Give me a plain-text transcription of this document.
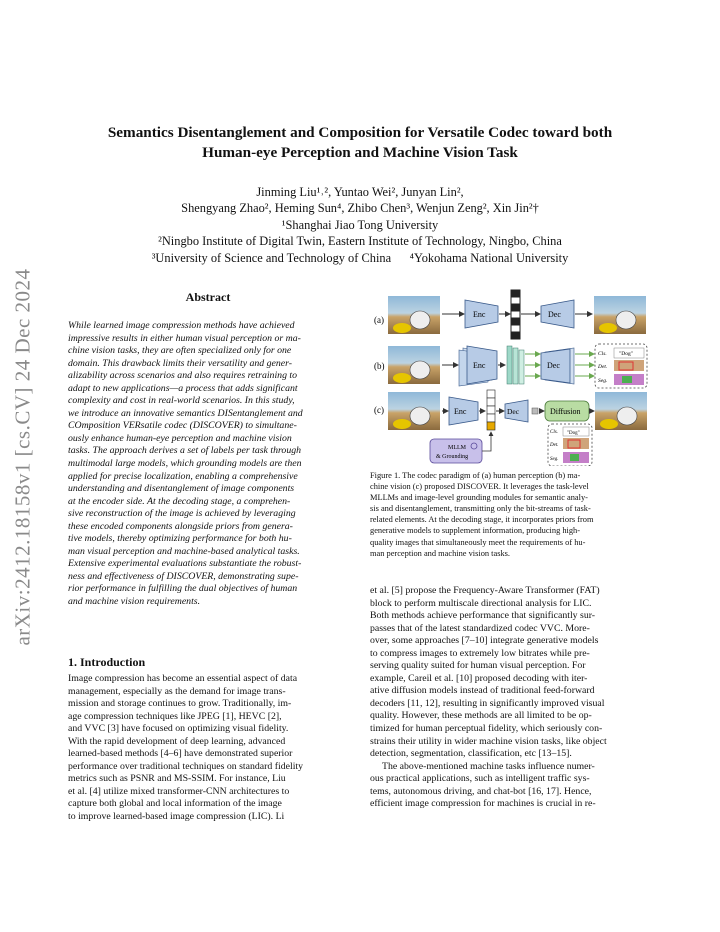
arXiv:2412.18158v1 [cs.CV] 24 Dec 2024
Semantics Disentanglement and Composition for Versatile Codec toward both
Human-eye Perception and Machine Vision Task
Jinming Liu¹˒², Yuntao Wei², Junyan Lin²,
Shengyang Zhao², Heming Sun⁴, Zhibo Chen³, Wenjun Zeng², Xin Jin²†
¹Shanghai Jiao Tong University
²Ningbo Institute of Digital Twin, Eastern Institute of Technology, Ningbo, China
³University of Science and Technology of China      ⁴Yokohama National University
Abstract

While learned image compression methods have achieved

impressive results in either human visual perception or ma-

chine vision tasks, they are often specialized only for one

domain. This drawback limits their versatility and gener-

alizability across scenarios and also requires retraining to

adapt to new applications—a process that adds significant

complexity and cost in real-world scenarios. In this study,

we introduce an innovative semantics DISentanglement and

COmposition VERsatile codec (DISCOVER) to simultane-

ously enhance human-eye perception and machine vision

tasks. The approach derives a set of labels per task through

multimodal large models, which grounding models are then

applied for precise localization, enabling a comprehensive

understanding and disentanglement of image components

at the encoder side. At the decoding stage, a comprehen-

sive reconstruction of the image is achieved by leveraging

these encoded components alongside priors from genera-

tive models, thereby optimizing performance for both hu-

man visual perception and machine-based analytical tasks.

Extensive experimental evaluations substantiate the robust-

ness and effectiveness of DISCOVER, demonstrating supe-

rior performance in fulfilling the dual objectives of human

and machine vision requirements.

1. Introduction

Image compression has become an essential aspect of data

management, especially as the demand for image trans-

mission and storage continues to grow. Traditionally, im-

age compression techniques like JPEG [1], HEVC [2],

and VVC [3] have focused on optimizing visual fidelity.

With the rapid development of deep learning, advanced

learned-based methods [4–6] have demonstrated superior

performance over traditional techniques on standard fidelity

metrics such as PSNR and MS-SSIM. For instance, Liu

et al. [4] utilize mixed transformer-CNN architectures to

capture both global and local information of the image

to improve learned-based image compression (LIC). Li

(a)
Enc	Dec
(b)	Enc	Dec
Cls. "Dog"
Det.
Seg.
(c)	Enc	Dec	Diffusion
Cls. "Dog"
Det.
Seg.
MLLM
& Grounding
Figure 1. The codec paradigm of (a) human perception (b) ma-
chine vision (c) proposed DISCOVER. It leverages the task-level
MLLMs and image-level grounding modules for semantic analy-
sis and disentanglement, transmitting only the bit-streams of task-
related elements. At the decoding stage, it incorporates priors from
generative models to supplement information, producing high-
quality images that simultaneously meet the requirements of hu-
man perception and machine vision tasks.

et al. [5] propose the Frequency-Aware Transformer (FAT)

block to perform multiscale directional analysis for LIC.

Both methods achieve performance that significantly sur-

passes that of the latest standardized codec VVC. More-

over, some approaches [7–10] integrate generative models

to compress images to extremely low bitrates while pre-

serving quality suited for human visual perception. For

example, Careil et al. [10] proposed decoding with iter-

ative diffusion models instead of traditional feed-forward

decoders [11, 12], resulting in significantly improved visual

quality. However, these methods are all limited to be op-

timized for human perceptual fidelity, which seriously con-

strains their utility in wider machine vision tasks, like object

detection, segmentation, classification, etc [13–15].

The above-mentioned machine tasks influence numer-

ous practical applications, such as intelligent traffic sys-

tems, autonomous driving, and chat-bot [16, 17]. Hence,

efficient image compression for machines is crucial in re-
